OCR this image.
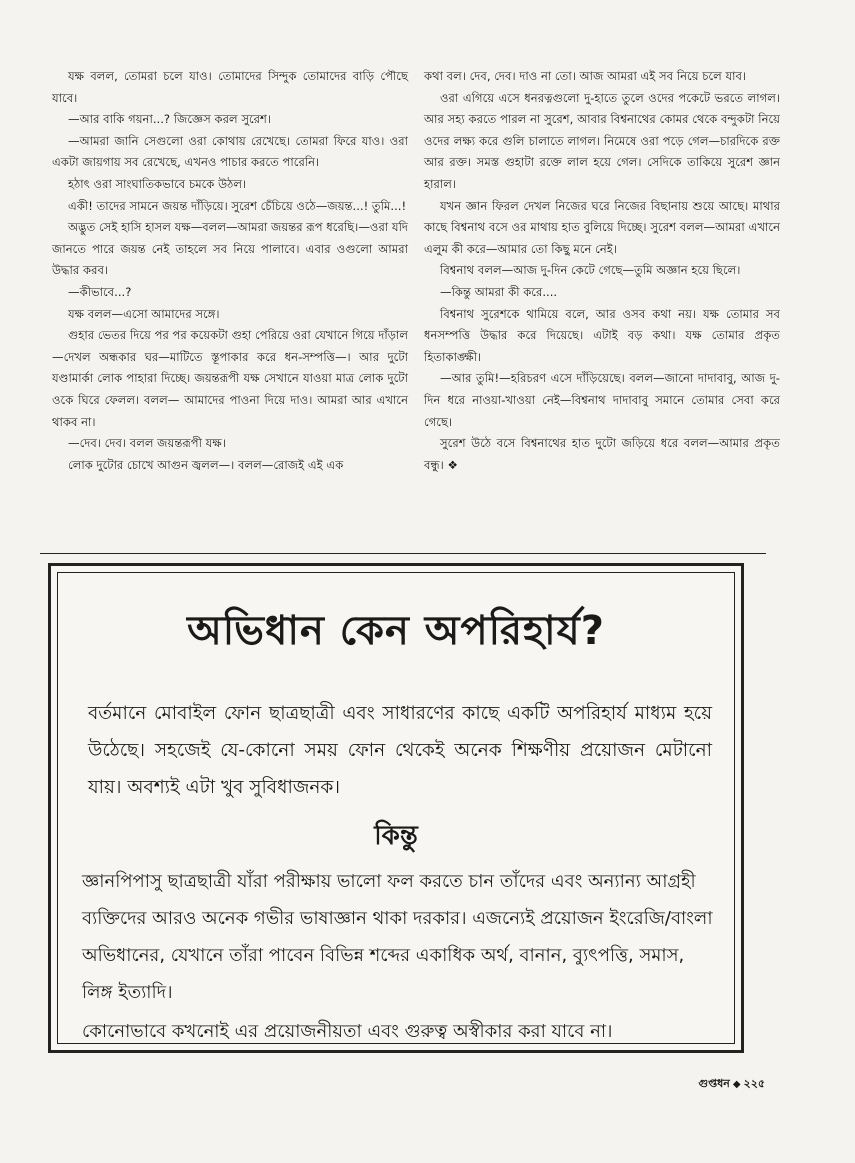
যক্ষ বলল, তোমরা চলে যাও। তোমাদের সিন্দুক তোমাদের বাড়ি পৌছে যাবে।

—আর বাকি গয়না...? জিজ্ঞেস করল সুরেশ।

—আমরা জানি সেগুলো ওরা কোথায় রেখেছে। তোমরা ফিরে যাও। ওরা একটা জায়গায় সব রেখেছে, এখনও পাচার করতে পারেনি।

হঠাৎ ওরা সাংঘাতিকভাবে চমকে উঠল।

একী! তাদের সামনে জয়ন্ত দাঁড়িয়ে। সুরেশ চেঁচিয়ে ওঠে—জয়ন্ত...! তুমি...!

অদ্ভুত সেই হাসি হাসল যক্ষ—বলল—আমরা জয়ন্তর রূপ ধরেছি।—ওরা যদি জানতে পারে জয়ন্ত নেই তাহলে সব নিয়ে পালাবে। এবার ওগুলো আমরা উদ্ধার করব।

—কীভাবে...?

যক্ষ বলল—এসো আমাদের সঙ্গে।

গুহার ভেতর দিয়ে পর পর কয়েকটা গুহা পেরিয়ে ওরা যেখানে গিয়ে দাঁড়াল—দেখল অন্ধকার ঘর—মাটিতে স্তূপাকার করে ধন-সম্পত্তি—। আর দুটো যণ্ডামার্কা লোক পাহারা দিচ্ছে। জয়ন্তরূপী যক্ষ সেখানে যাওয়া মাত্র লোক দুটো ওকে ঘিরে ফেলল। বলল— আমাদের পাওনা দিয়ে দাও। আমরা আর এখানে থাকব না।

—দেব। দেব। বলল জয়ন্তরূপী যক্ষ।

লোক দুটোর চোখে আগুন জ্বলল—। বলল—রোজই এই এক

কথা বল। দেব, দেব। দাও না তো। আজ আমরা এই সব নিয়ে চলে যাব।

ওরা এগিয়ে এসে ধনরত্নগুলো দু-হাতে তুলে ওদের পকেটে ভরতে লাগল। আর সহ্য করতে পারল না সুরেশ, আবার বিশ্বনাথের কোমর থেকে বন্দুকটা নিয়ে ওদের লক্ষ্য করে গুলি চালাতে লাগল। নিমেষে ওরা পড়ে গেল—চারদিকে রক্ত আর রক্ত। সমস্ত গুহাটা রক্তে লাল হয়ে গেল। সেদিকে তাকিয়ে সুরেশ জ্ঞান হারাল।

যখন জ্ঞান ফিরল দেখল নিজের ঘরে নিজের বিছানায় শুয়ে আছে। মাথার কাছে বিশ্বনাথ বসে ওর মাথায় হাত বুলিয়ে দিচ্ছে। সুরেশ বলল—আমরা এখানে এলুম কী করে—আমার তো কিছু মনে নেই।

বিশ্বনাথ বলল—আজ দু-দিন কেটে গেছে—তুমি অজ্ঞান হয়ে ছিলে।

—কিন্তু আমরা কী করে....

বিশ্বনাথ সুরেশকে থামিয়ে বলে, আর ওসব কথা নয়। যক্ষ তোমার সব ধনসম্পত্তি উদ্ধার করে দিয়েছে। এটাই বড় কথা। যক্ষ তোমার প্রকৃত হিতাকাঙ্ক্ষী।

—আর তুমি!—হরিচরণ এসে দাঁড়িয়েছে। বলল—জানো দাদাবাবু, আজ দু-দিন ধরে নাওয়া-খাওয়া নেই—বিশ্বনাথ দাদাবাবু সমানে তোমার সেবা করে গেছে।

সুরেশ উঠে বসে বিশ্বনাথের হাত দুটো জড়িয়ে ধরে বলল—আমার প্রকৃত বন্ধু। ❖

অভিধান কেন অপরিহার্য?

বর্তমানে মোবাইল ফোন ছাত্রছাত্রী এবং সাধারণের কাছে একটি অপরিহার্য মাধ্যম হয়ে উঠেছে। সহজেই যে-কোনো সময় ফোন থেকেই অনেক শিক্ষণীয় প্রয়োজন মেটানো যায়। অবশ্যই এটা খুব সুবিধাজনক।

কিন্তু
জ্ঞানপিপাসু ছাত্রছাত্রী যাঁরা পরীক্ষায় ভালো ফল করতে চান তাঁদের এবং অন্যান্য আগ্রহী ব্যক্তিদের আরও অনেক গভীর ভাষাজ্ঞান থাকা দরকার। এজন্যেই প্রয়োজন ইংরেজি/বাংলা অভিধানের, যেখানে তাঁরা পাবেন বিভিন্ন শব্দের একাধিক অর্থ, বানান, ব্যুৎপত্তি, সমাস, লিঙ্গ ইত্যাদি।
কোনোভাবে কখনোই এর প্রয়োজনীয়তা এবং গুরুত্ব অস্বীকার করা যাবে না।
গুপ্তধন ◆ ২২৫
